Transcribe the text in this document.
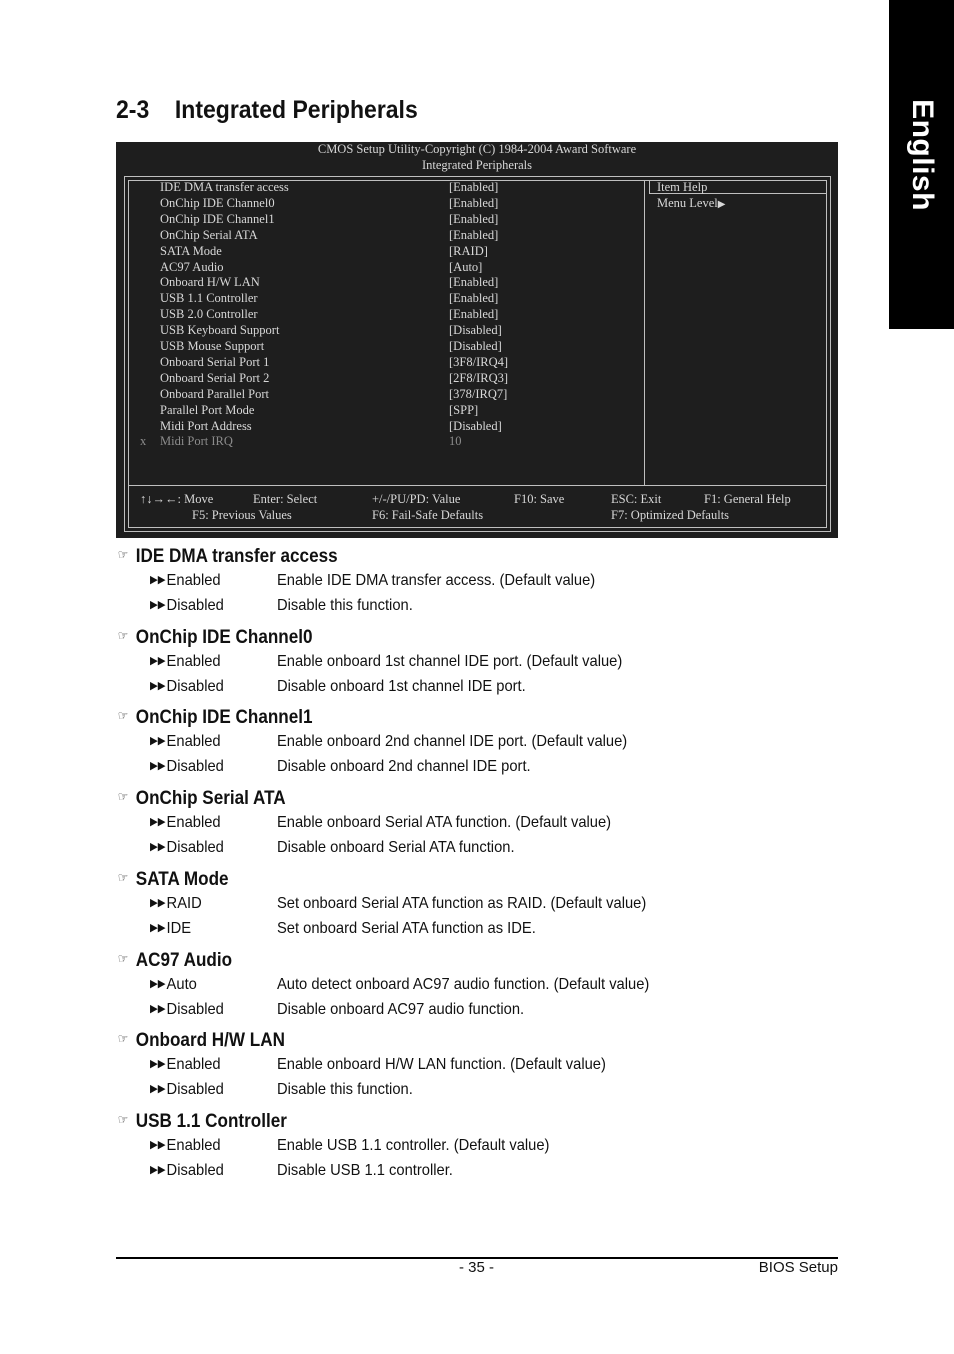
English
2-3 Integrated Peripherals
CMOS Setup Utility-Copyright (C) 1984-2004 Award Software
Integrated Peripherals
Item Help
Menu Level▶
IDE DMA transfer access	[Enabled]
OnChip IDE Channel0	[Enabled]
OnChip IDE Channel1	[Enabled]
OnChip Serial ATA	[Enabled]
SATA Mode	[RAID]
AC97 Audio	[Auto]
Onboard H/W LAN	[Enabled]
USB 1.1 Controller	[Enabled]
USB 2.0 Controller	[Enabled]
USB Keyboard Support	[Disabled]
USB Mouse Support	[Disabled]
Onboard Serial Port 1	[3F8/IRQ4]
Onboard Serial Port 2	[2F8/IRQ3]
Onboard Parallel Port	[378/IRQ7]
Parallel Port Mode	[SPP]
Midi Port Address	[Disabled]
x Midi Port IRQ	10
↑↓→←: Move	Enter: Select	+/-/PU/PD: Value	F10: Save	ESC: Exit	F1: General Help
F5: Previous Values	F6: Fail-Safe Defaults	F7: Optimized Defaults
☞ IDE DMA transfer access
▶▶Enabled	Enable IDE DMA transfer access. (Default value)
▶▶Disabled	Disable this function.
☞ OnChip IDE Channel0
▶▶Enabled	Enable onboard 1st channel IDE port. (Default value)
▶▶Disabled	Disable onboard 1st channel IDE port.
☞ OnChip IDE Channel1
▶▶Enabled	Enable onboard 2nd channel IDE port. (Default value)
▶▶Disabled	Disable onboard 2nd channel IDE port.
☞ OnChip Serial ATA
▶▶Enabled	Enable onboard Serial ATA function. (Default value)
▶▶Disabled	Disable onboard Serial ATA function.
☞ SATA Mode
▶▶RAID	Set onboard Serial ATA function as RAID. (Default value)
▶▶IDE	Set onboard Serial ATA function as IDE.
☞ AC97 Audio
▶▶Auto	Auto detect onboard AC97 audio function. (Default value)
▶▶Disabled	Disable onboard AC97 audio function.
☞ Onboard H/W LAN
▶▶Enabled	Enable onboard H/W LAN function. (Default value)
▶▶Disabled	Disable this function.
☞ USB 1.1 Controller
▶▶Enabled	Enable USB 1.1 controller. (Default value)
▶▶Disabled	Disable USB 1.1 controller.
- 35 -	BIOS Setup
